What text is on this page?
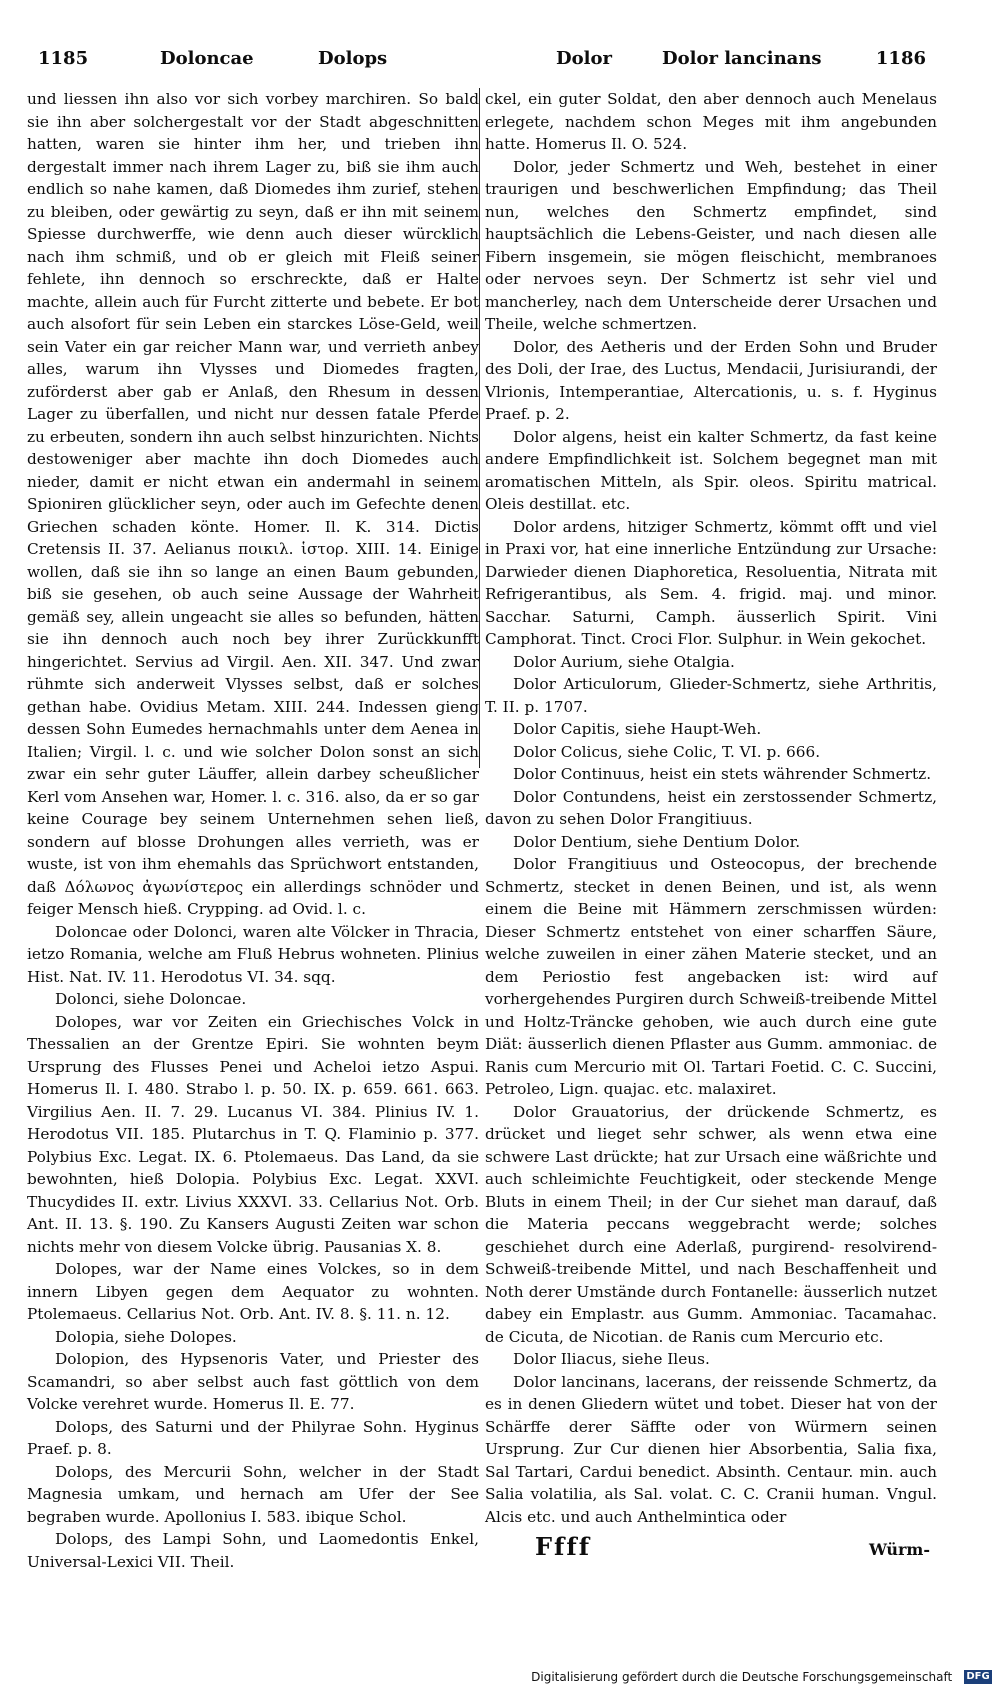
1185	Doloncae	Dolops	Dolor	Dolor lancinans	1186

und liessen ihn also vor sich vorbey marchiren. So bald sie ihn aber solchergestalt vor der Stadt abgeschnitten hatten, waren sie hinter ihm her, und trieben ihn dergestalt immer nach ihrem Lager zu, biß sie ihm auch endlich so nahe kamen, daß Diomedes ihm zurief, stehen zu bleiben, oder gewärtig zu seyn, daß er ihn mit seinem Spiesse durchwerffe, wie denn auch dieser würcklich nach ihm schmiß, und ob er gleich mit Fleiß seiner fehlete, ihn dennoch so erschreckte, daß er Halte machte, allein auch für Furcht zitterte und bebete. Er bot auch alsofort für sein Leben ein starckes Löse-Geld, weil sein Vater ein gar reicher Mann war, und verrieth anbey alles, warum ihn Vlysses und Diomedes fragten, zuförderst aber gab er Anlaß, den Rhesum in dessen Lager zu überfallen, und nicht nur dessen fatale Pferde zu erbeuten, sondern ihn auch selbst hinzurichten. Nichts destoweniger aber machte ihn doch Diomedes auch nieder, damit er nicht etwan ein andermahl in seinem Spioniren glücklicher seyn, oder auch im Gefechte denen Griechen schaden könte. Homer. Il. K. 314. Dictis Cretensis II. 37. Aelianus ποικιλ. ἱστορ. XIII. 14. Einige wollen, daß sie ihn so lange an einen Baum gebunden, biß sie gesehen, ob auch seine Aussage der Wahrheit gemäß sey, allein ungeacht sie alles so befunden, hätten sie ihn dennoch auch noch bey ihrer Zurückkunfft hingerichtet. Servius ad Virgil. Aen. XII. 347. Und zwar rühmte sich anderweit Vlysses selbst, daß er solches gethan habe. Ovidius Metam. XIII. 244. Indessen gieng dessen Sohn Eumedes hernachmahls unter dem Aenea in Italien; Virgil. l. c. und wie solcher Dolon sonst an sich zwar ein sehr guter Läuffer, allein darbey scheußlicher Kerl vom Ansehen war, Homer. l. c. 316. also, da er so gar keine Courage bey seinem Unternehmen sehen ließ, sondern auf blosse Drohungen alles verrieth, was er wuste, ist von ihm ehemahls das Sprüchwort entstanden, daß Δόλωνος ἀγωνίστερος ein allerdings schnöder und feiger Mensch hieß. Crypping. ad Ovid. l. c.

Doloncae oder Dolonci, waren alte Völcker in Thracia, ietzo Romania, welche am Fluß Hebrus wohneten. Plinius Hist. Nat. IV. 11. Herodotus VI. 34. sqq.

Dolonci, siehe Doloncae.

Dolopes, war vor Zeiten ein Griechisches Volck in Thessalien an der Grentze Epiri. Sie wohnten beym Ursprung des Flusses Penei und Acheloi ietzo Aspui. Homerus Il. I. 480. Strabo l. p. 50. IX. p. 659. 661. 663. Virgilius Aen. II. 7. 29. Lucanus VI. 384. Plinius IV. 1. Herodotus VII. 185. Plutarchus in T. Q. Flaminio p. 377. Polybius Exc. Legat. IX. 6. Ptolemaeus. Das Land, da sie bewohnten, hieß Dolopia. Polybius Exc. Legat. XXVI. Thucydides II. extr. Livius XXXVI. 33. Cellarius Not. Orb. Ant. II. 13. §. 190. Zu Kansers Augusti Zeiten war schon nichts mehr von diesem Volcke übrig. Pausanias X. 8.

Dolopes, war der Name eines Volckes, so in dem innern Libyen gegen dem Aequator zu wohnten. Ptolemaeus. Cellarius Not. Orb. Ant. IV. 8. §. 11. n. 12.

Dolopia, siehe Dolopes.

Dolopion, des Hypsenoris Vater, und Priester des Scamandri, so aber selbst auch fast göttlich von dem Volcke verehret wurde. Homerus Il. E. 77.

Dolops, des Saturni und der Philyrae Sohn. Hyginus Praef. p. 8.

Dolops, des Mercurii Sohn, welcher in der Stadt Magnesia umkam, und hernach am Ufer der See begraben wurde. Apollonius I. 583. ibique Schol.

Dolops, des Lampi Sohn, und Laomedontis Enkel, Universal-Lexici VII. Theil.

ckel, ein guter Soldat, den aber dennoch auch Menelaus erlegete, nachdem schon Meges mit ihm angebunden hatte. Homerus Il. O. 524.

Dolor, jeder Schmertz und Weh, bestehet in einer traurigen und beschwerlichen Empfindung; das Theil nun, welches den Schmertz empfindet, sind hauptsächlich die Lebens-Geister, und nach diesen alle Fibern insgemein, sie mögen fleischicht, membranoes oder nervoes seyn. Der Schmertz ist sehr viel und mancherley, nach dem Unterscheide derer Ursachen und Theile, welche schmertzen.

Dolor, des Aetheris und der Erden Sohn und Bruder des Doli, der Irae, des Luctus, Mendacii, Jurisiurandi, der Vlrionis, Intemperantiae, Altercationis, u. s. f. Hyginus Praef. p. 2.

Dolor algens, heist ein kalter Schmertz, da fast keine andere Empfindlichkeit ist. Solchem begegnet man mit aromatischen Mitteln, als Spir. oleos. Spiritu matrical. Oleis destillat. etc.

Dolor ardens, hitziger Schmertz, kömmt offt und viel in Praxi vor, hat eine innerliche Entzündung zur Ursache: Darwieder dienen Diaphoretica, Resoluentia, Nitrata mit Refrigerantibus, als Sem. 4. frigid. maj. und minor. Sacchar. Saturni, Camph. äusserlich Spirit. Vini Camphorat. Tinct. Croci Flor. Sulphur. in Wein gekochet.

Dolor Aurium, siehe Otalgia.

Dolor Articulorum, Glieder-Schmertz, siehe Arthritis, T. II. p. 1707.

Dolor Capitis, siehe Haupt-Weh.

Dolor Colicus, siehe Colic, T. VI. p. 666.

Dolor Continuus, heist ein stets währender Schmertz.

Dolor Contundens, heist ein zerstossender Schmertz, davon zu sehen Dolor Frangitiuus.

Dolor Dentium, siehe Dentium Dolor.

Dolor Frangitiuus und Osteocopus, der brechende Schmertz, stecket in denen Beinen, und ist, als wenn einem die Beine mit Hämmern zerschmissen würden: Dieser Schmertz entstehet von einer scharffen Säure, welche zuweilen in einer zähen Materie stecket, und an dem Periostio fest angebacken ist: wird auf vorhergehendes Purgiren durch Schweiß-treibende Mittel und Holtz-Träncke gehoben, wie auch durch eine gute Diät: äusserlich dienen Pflaster aus Gumm. ammoniac. de Ranis cum Mercurio mit Ol. Tartari Foetid. C. C. Succini, Petroleo, Lign. quajac. etc. malaxiret.

Dolor Grauatorius, der drückende Schmertz, es drücket und lieget sehr schwer, als wenn etwa eine schwere Last drückte; hat zur Ursach eine wäßrichte und auch schleimichte Feuchtigkeit, oder steckende Menge Bluts in einem Theil; in der Cur siehet man darauf, daß die Materia peccans weggebracht werde; solches geschiehet durch eine Aderlaß, purgirend- resolvirend- Schweiß-treibende Mittel, und nach Beschaffenheit und Noth derer Umstände durch Fontanelle: äusserlich nutzet dabey ein Emplastr. aus Gumm. Ammoniac. Tacamahac. de Cicuta, de Nicotian. de Ranis cum Mercurio etc.

Dolor Iliacus, siehe Ileus.

Dolor lancinans, lacerans, der reissende Schmertz, da es in denen Gliedern wütet und tobet. Dieser hat von der Schärffe derer Säffte oder von Würmern seinen Ursprung. Zur Cur dienen hier Absorbentia, Salia fixa, Sal Tartari, Cardui benedict. Absinth. Centaur. min. auch Salia volatilia, als Sal. volat. C. C. Cranii human. Vngul. Alcis etc. und auch Anthelmintica oder

Ffff	Würm-
Digitalisierung gefördert durch die Deutsche Forschungsgemeinschaft	DFG
